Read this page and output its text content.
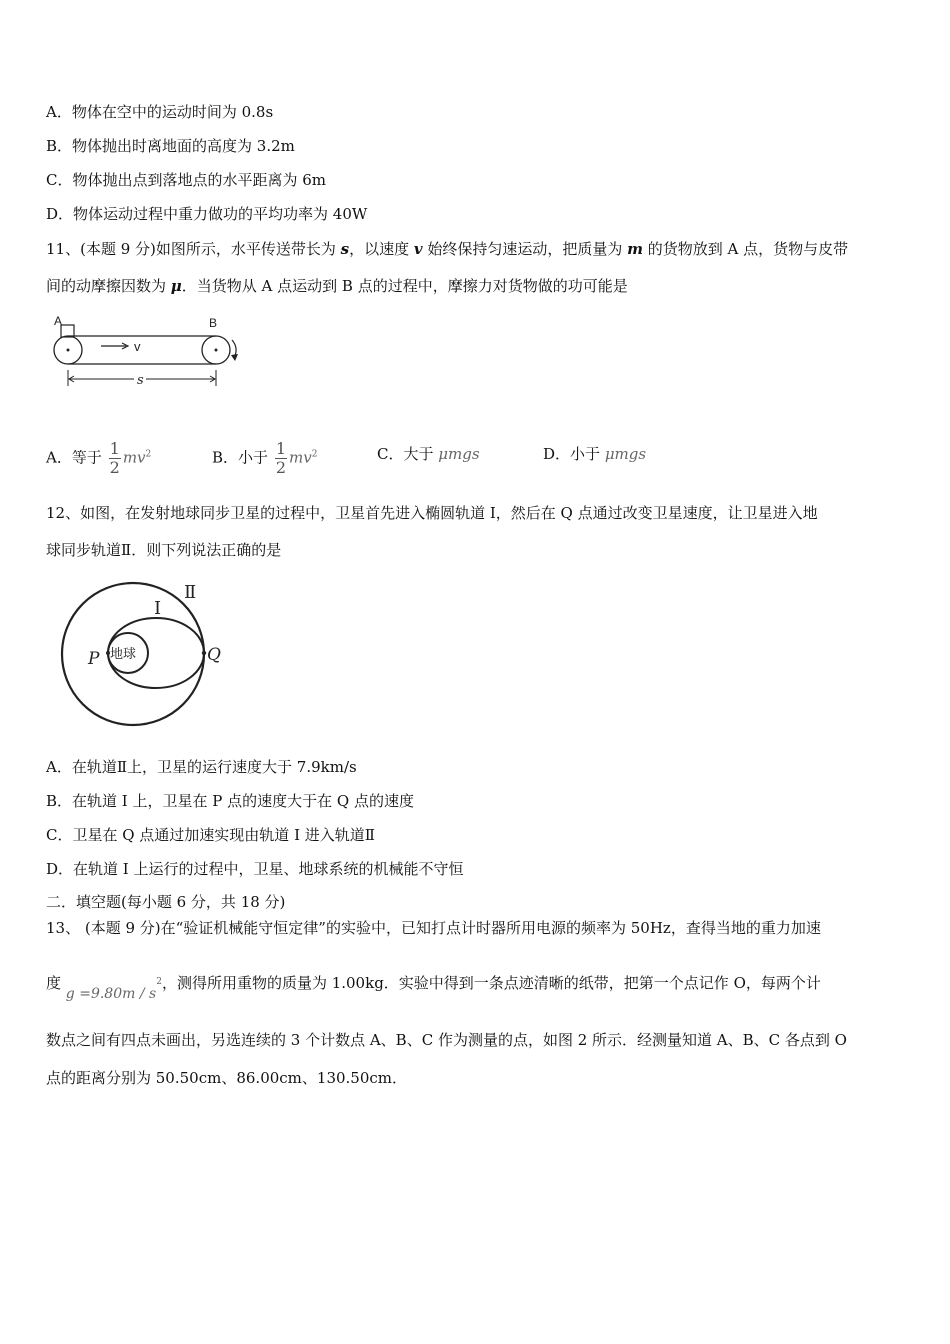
A．物体在空中的运动时间为 0.8s
B．物体抛出时离地面的高度为 3.2m
C．物体抛出点到落地点的水平距离为 6m
D．物体运动过程中重力做功的平均功率为 40W
11、(本题 9 分)如图所示，水平传送带长为 s，以速度 v 始终保持匀速运动，把质量为 m 的货物放到 A 点，货物与皮带
间的动摩擦因数为 μ．当货物从 A 点运动到 B 点的过程中，摩擦力对货物做的功可能是
A	B
v
s
A．等于 $\frac{1}{2} mv^2$	B．小于 $\frac{1}{2} mv^2$	C．大于 μmgs	D．小于 μmgs
12、如图，在发射地球同步卫星的过程中，卫星首先进入椭圆轨道 I，然后在 Q 点通过改变卫星速度，让卫星进入地
球同步轨道Ⅱ．则下列说法正确的是
地球
I
Ⅱ
P	Q
A．在轨道Ⅱ上，卫星的运行速度大于 7.9km/s
B．在轨道 I 上，卫星在 P 点的速度大于在 Q 点的速度
C．卫星在 Q 点通过加速实现由轨道 I 进入轨道Ⅱ
D．在轨道 I 上运行的过程中，卫星、地球系统的机械能不守恒
二．填空题(每小题 6 分，共 18 分)
13、 (本题 9 分)在“验证机械能守恒定律”的实验中，已知打点计时器所用电源的频率为 50Hz，查得当地的重力加速
度 $g =9.80m / s^2$，测得所用重物的质量为 1.00kg．实验中得到一条点迹清晰的纸带，把第一个点记作 O，每两个计
数点之间有四点未画出，另选连续的 3 个计数点 A、B、C 作为测量的点，如图 2 所示．经测量知道 A、B、C 各点到 O
点的距离分别为 50.50cm、86.00cm、130.50cm．
